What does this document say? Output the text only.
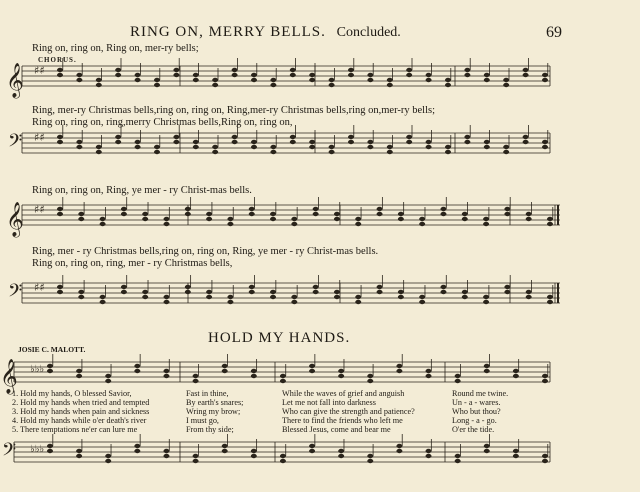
𝄞
𝄢
𝄞
𝄢
𝄞
𝄢
♯♯
♯♯
♯♯
♯♯
♭♭♭
♭♭♭
RING ON, MERRY BELLS. Concluded.	69
Ring on, ring on, Ring on, mer-ry bells;
CHORUS.
Ring, mer-ry Christmas bells,ring on, ring on, Ring,mer-ry Christmas bells,ring on,mer-ry bells;
Ring on, ring on, ring,merry Christmas bells,Ring on, ring on,
Ring on, ring on, Ring, ye mer - ry Christ-mas bells.
Ring, mer - ry Christmas bells,ring on, ring on, Ring, ye mer - ry Christ-mas bells.
Ring on, ring on, ring, mer - ry Christmas bells,
HOLD MY HANDS.
JOSIE C. MALOTT.
1. Hold my hands, O blessed Savior,
2. Hold my hands when tried and tempted
3. Hold my hands when pain and sickness
4. Hold my hands while o'er death's river
5. There temptations ne'er can lure me
Fast in thine,
By earth's snares;
Wring my brow;
I must go,
From thy side;
While the waves of grief and anguish
Let me not fall into darkness
Who can give the strength and patience?
There to find the friends who left me
Blessed Jesus, come and bear me
Round me twine.
Un - a - wares.
Who but thou?
Long - a - go.
O'er the tide.
